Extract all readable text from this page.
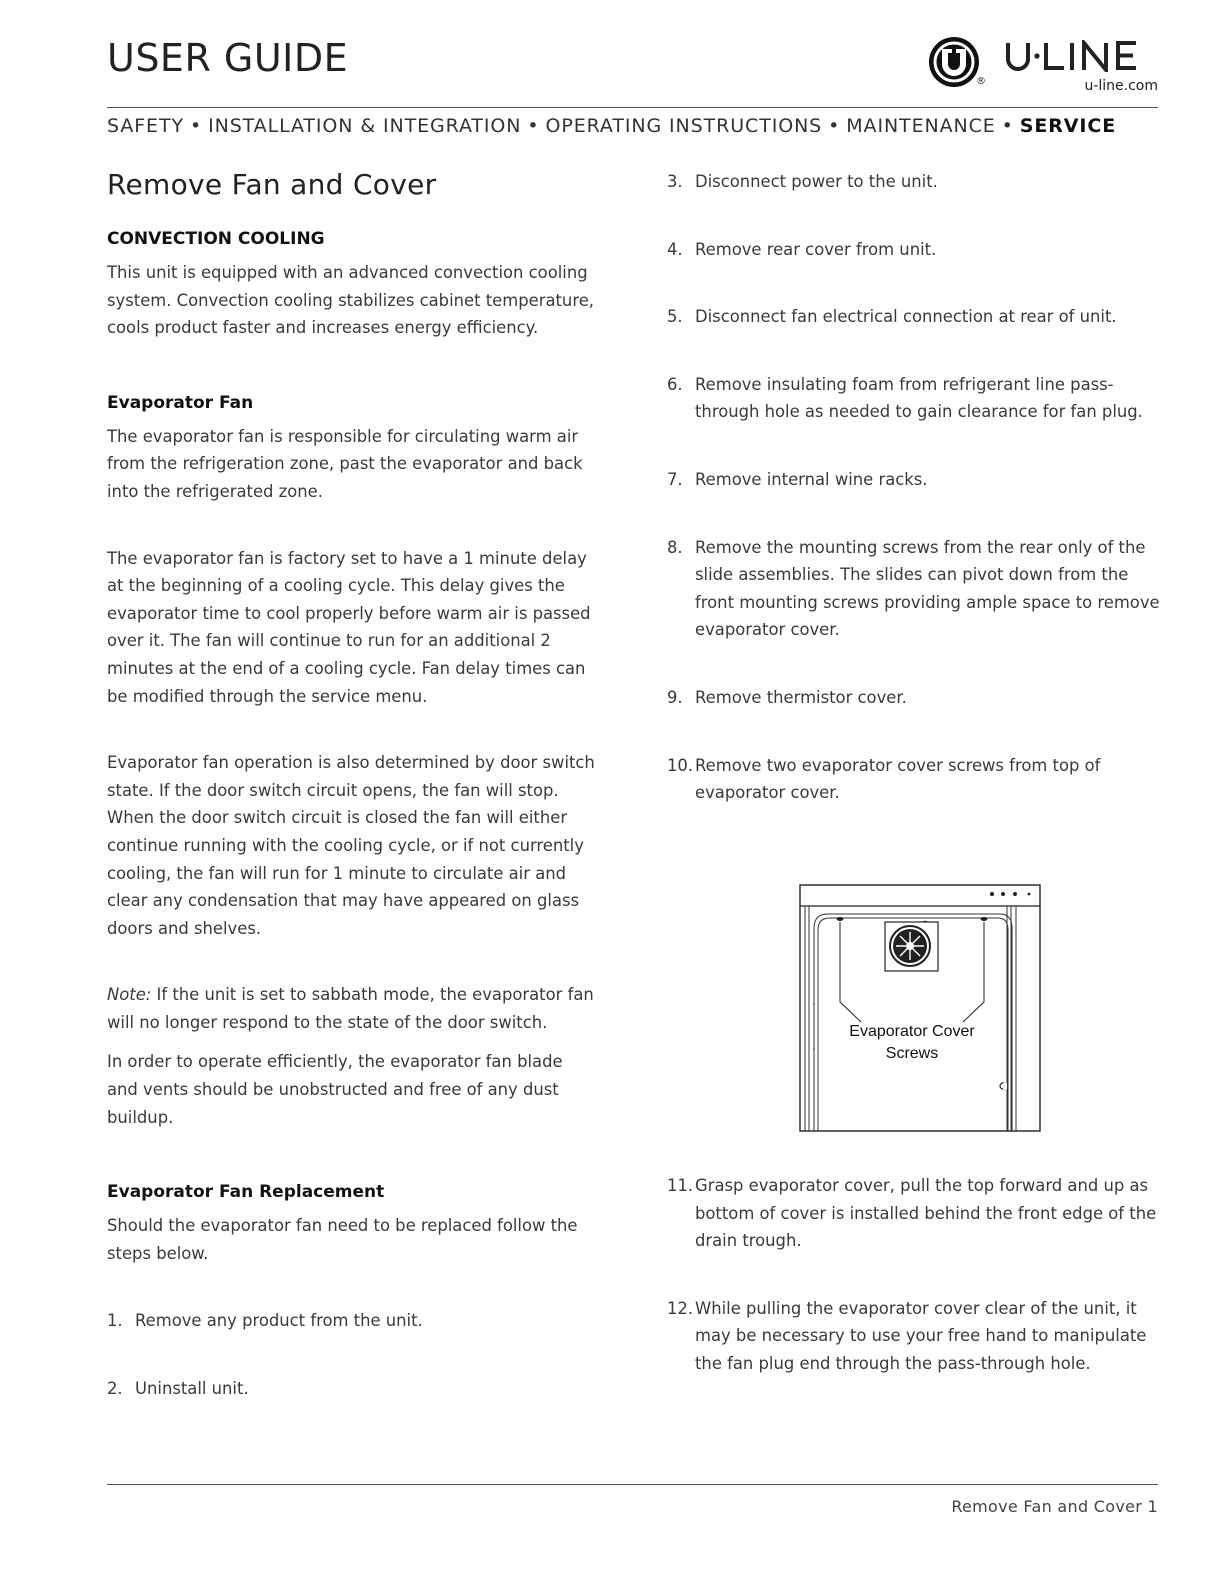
USER GUIDE
®	u-line.com
SAFETY • INSTALLATION & INTEGRATION • OPERATING INSTRUCTIONS • MAINTENANCE • SERVICE
Remove Fan and Cover
CONVECTION COOLING

This unit is equipped with an advanced convection cooling system. Convection cooling stabilizes cabinet temperature, cools product faster and increases energy efficiency.

Evaporator Fan

The evaporator fan is responsible for circulating warm air from the refrigeration zone, past the evaporator and back into the refrigerated zone.

The evaporator fan is factory set to have a 1 minute delay at the beginning of a cooling cycle. This delay gives the evaporator time to cool properly before warm air is passed over it. The fan will continue to run for an additional 2 minutes at the end of a cooling cycle. Fan delay times can be modified through the service menu.

Evaporator fan operation is also determined by door switch state. If the door switch circuit opens, the fan will stop. When the door switch circuit is closed the fan will either continue running with the cooling cycle, or if not currently cooling, the fan will run for 1 minute to circulate air and clear any condensation that may have appeared on glass doors and shelves.

Note: If the unit is set to sabbath mode, the evaporator fan will no longer respond to the state of the door switch.

In order to operate efficiently, the evaporator fan blade and vents should be unobstructed and free of any dust buildup.

Evaporator Fan Replacement

Should the evaporator fan need to be replaced follow the steps below.

1. Remove any product from the unit.
2. Uninstall unit.
3. Disconnect power to the unit.
4. Remove rear cover from unit.
5. Disconnect fan electrical connection at rear of unit.
6. Remove insulating foam from refrigerant line pass-through hole as needed to gain clearance for fan plug.
7. Remove internal wine racks.
8. Remove the mounting screws from the rear only of the slide assemblies. The slides can pivot down from the front mounting screws providing ample space to remove evaporator cover.
9. Remove thermistor cover.
10. Remove two evaporator cover screws from top of evaporator cover.
Evaporator Cover
Screws
11. Grasp evaporator cover, pull the top forward and up as bottom of cover is installed behind the front edge of the drain trough.
12. While pulling the evaporator cover clear of the unit, it may be necessary to use your free hand to manipulate the fan plug end through the pass-through hole.
Remove Fan and Cover 1
